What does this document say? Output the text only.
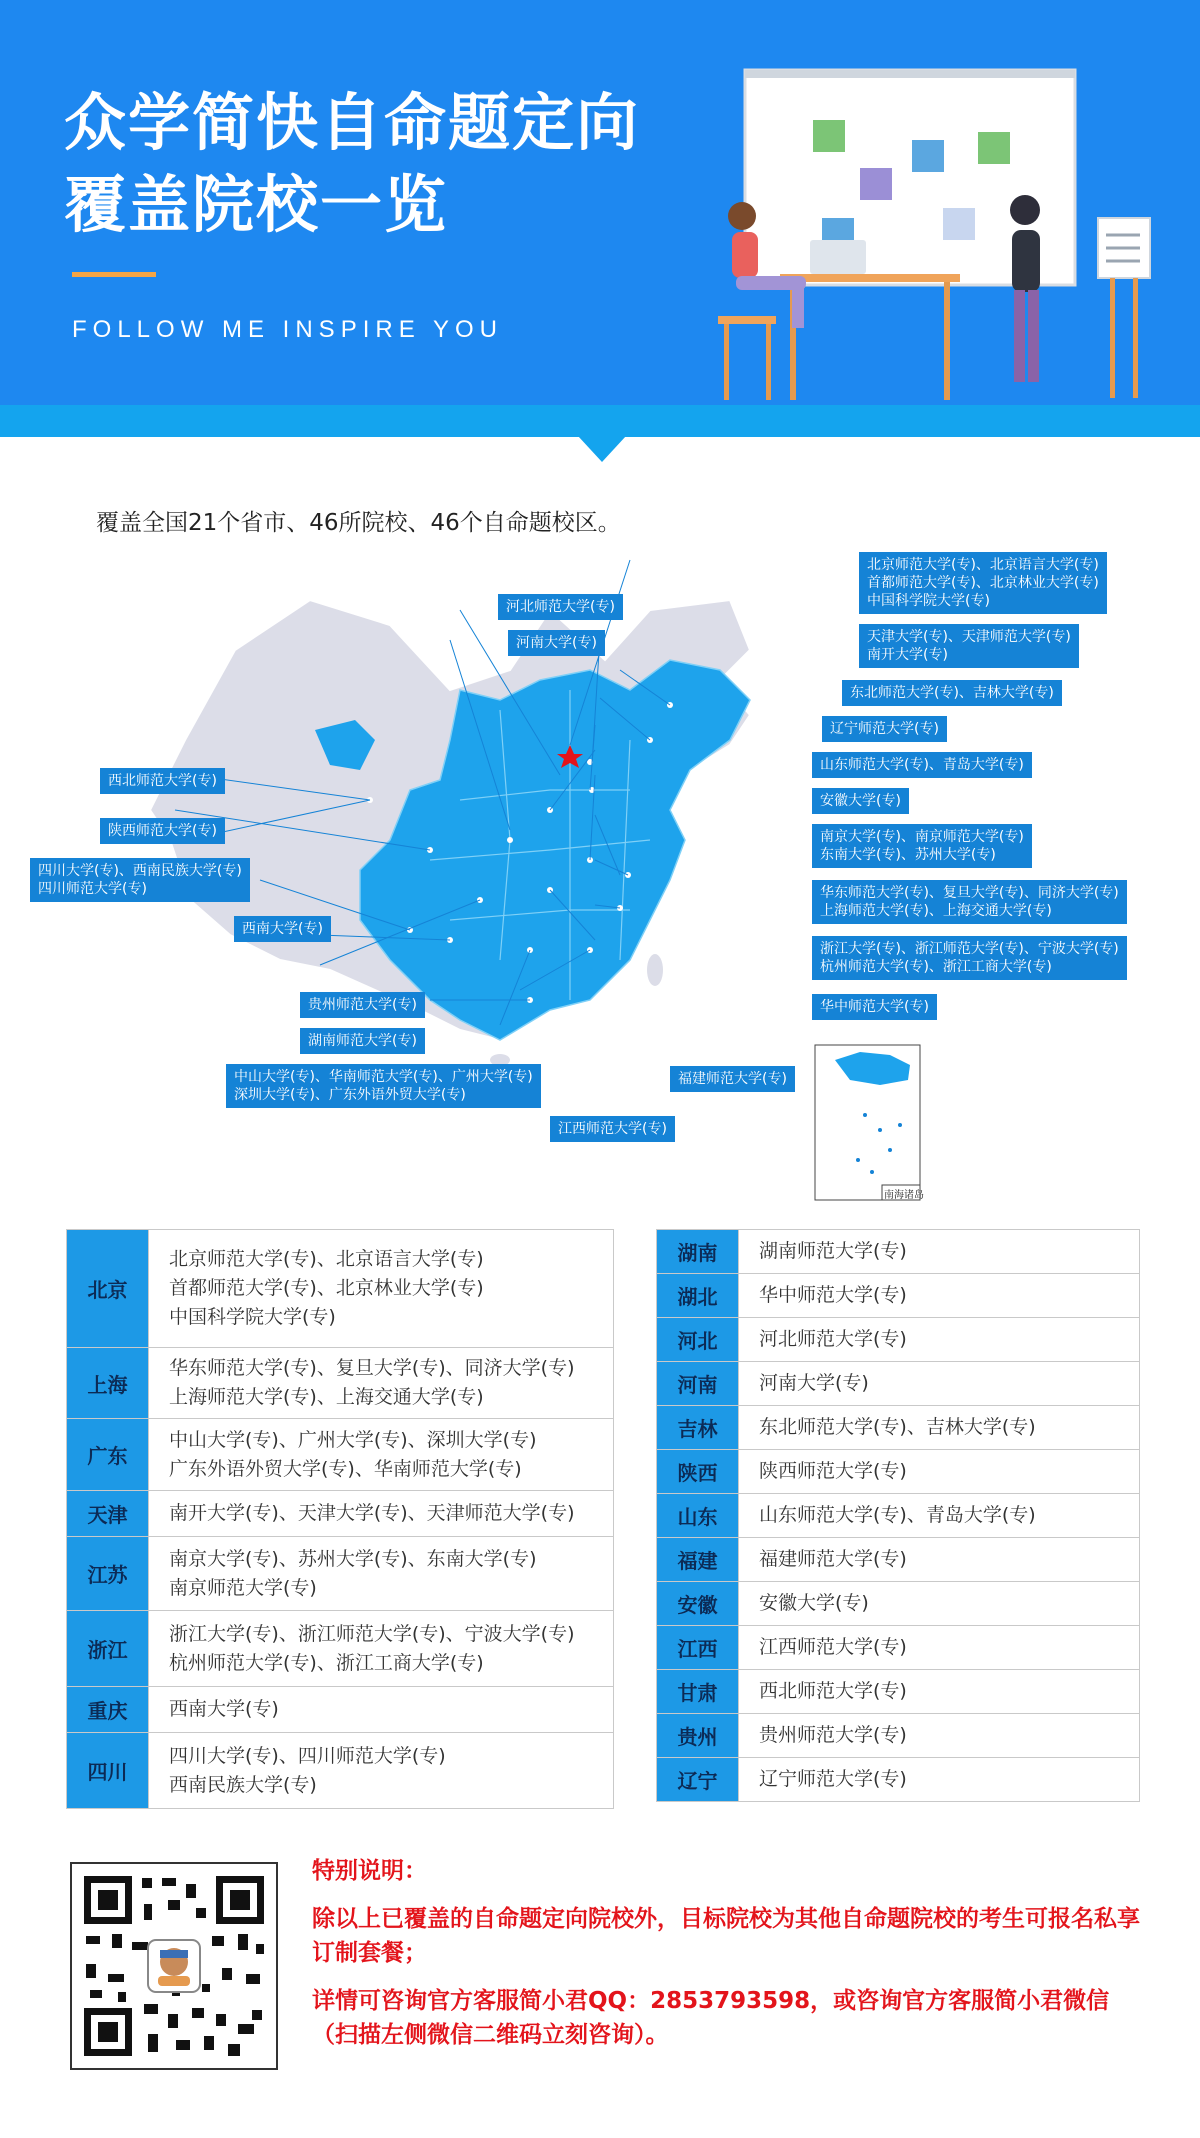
众学简快自命题定向
覆盖院校一览
FOLLOW ME INSPIRE YOU
覆盖全国21个省市、46所院校、46个自命题校区。
北京师范大学(专)、北京语言大学(专)
首都师范大学(专)、北京林业大学(专)
中国科学院大学(专)
河北师范大学(专)
河南大学(专)	天津大学(专)、天津师范大学(专)
南开大学(专)
东北师范大学(专)、吉林大学(专)
辽宁师范大学(专)
山东师范大学(专)、青岛大学(专)
安徽大学(专)
南京大学(专)、南京师范大学(专)
东南大学(专)、苏州大学(专)
华东师范大学(专)、复旦大学(专)、同济大学(专)
上海师范大学(专)、上海交通大学(专)
浙江大学(专)、浙江师范大学(专)、宁波大学(专)
杭州师范大学(专)、浙江工商大学(专)
华中师范大学(专)
福建师范大学(专)
江西师范大学(专)
中山大学(专)、华南师范大学(专)、广州大学(专)
深圳大学(专)、广东外语外贸大学(专)
湖南师范大学(专)
贵州师范大学(专)
西南大学(专)
四川大学(专)、西南民族大学(专)
四川师范大学(专)
陕西师范大学(专)
西北师范大学(专)
南海诸岛
北京	北京师范大学(专)、北京语言大学(专)
首都师范大学(专)、北京林业大学(专)
中国科学院大学(专)
上海	华东师范大学(专)、复旦大学(专)、同济大学(专)
上海师范大学(专)、上海交通大学(专)
广东	中山大学(专)、广州大学(专)、深圳大学(专)
广东外语外贸大学(专)、华南师范大学(专)
天津	南开大学(专)、天津大学(专)、天津师范大学(专)
江苏	南京大学(专)、苏州大学(专)、东南大学(专)
南京师范大学(专)
浙江	浙江大学(专)、浙江师范大学(专)、宁波大学(专)
杭州师范大学(专)、浙江工商大学(专)
重庆	西南大学(专)
四川	四川大学(专)、四川师范大学(专)
西南民族大学(专)
湖南	湖南师范大学(专)
湖北	华中师范大学(专)
河北	河北师范大学(专)
河南	河南大学(专)
吉林	东北师范大学(专)、吉林大学(专)
陕西	陕西师范大学(专)
山东	山东师范大学(专)、青岛大学(专)
福建	福建师范大学(专)
安徽	安徽大学(专)
江西	江西师范大学(专)
甘肃	西北师范大学(专)
贵州	贵州师范大学(专)
辽宁	辽宁师范大学(专)
特别说明：
除以上已覆盖的自命题定向院校外，目标院校为其他自命题院校的考生可报名私享订制套餐；
详情可咨询官方客服简小君QQ：2853793598，或咨询官方客服简小君微信（扫描左侧微信二维码立刻咨询）。
